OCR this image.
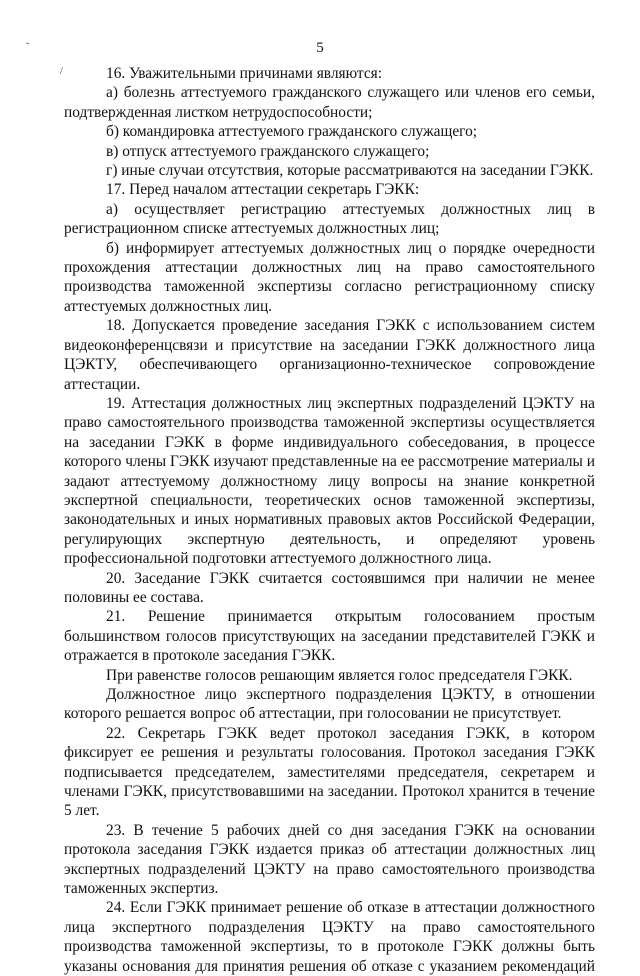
˘
/
5

16. Уважительными причинами являются:

а) болезнь аттестуемого гражданского служащего или членов его семьи, подтвержденная листком нетрудоспособности;

б) командировка аттестуемого гражданского служащего;

в) отпуск аттестуемого гражданского служащего;

г) иные случаи отсутствия, которые рассматриваются на заседании ГЭКК.

17. Перед началом аттестации секретарь ГЭКК:

а) осуществляет регистрацию аттестуемых должностных лиц в регистрационном списке аттестуемых должностных лиц;

б) информирует аттестуемых должностных лиц о порядке очередности прохождения аттестации должностных лиц на право самостоятельного производства таможенной экспертизы согласно регистрационному списку аттестуемых должностных лиц.

18. Допускается проведение заседания ГЭКК с использованием систем видеоконференцсвязи и присутствие на заседании ГЭКК должностного лица ЦЭКТУ, обеспечивающего организационно-техническое сопровождение аттестации.

19. Аттестация должностных лиц экспертных подразделений ЦЭКТУ на право самостоятельного производства таможенной экспертизы осуществляется на заседании ГЭКК в форме индивидуального собеседования, в процессе которого члены ГЭКК изучают представленные на ее рассмотрение материалы и задают аттестуемому должностному лицу вопросы на знание конкретной экспертной специальности, теоретических основ таможенной экспертизы, законодательных и иных нормативных правовых актов Российской Федерации, регулирующих экспертную деятельность, и определяют уровень профессиональной подготовки аттестуемого должностного лица.

20. Заседание ГЭКК считается состоявшимся при наличии не менее половины ее состава.

21. Решение принимается открытым голосованием простым большинством голосов присутствующих на заседании представителей ГЭКК и отражается в протоколе заседания ГЭКК.

При равенстве голосов решающим является голос председателя ГЭКК.

Должностное лицо экспертного подразделения ЦЭКТУ, в отношении которого решается вопрос об аттестации, при голосовании не присутствует.

22. Секретарь ГЭКК ведет протокол заседания ГЭКК, в котором фиксирует ее решения и результаты голосования. Протокол заседания ГЭКК подписывается председателем, заместителями председателя, секретарем и членами ГЭКК, присутствовавшими на заседании. Протокол хранится в течение 5 лет.

23. В течение 5 рабочих дней со дня заседания ГЭКК на основании протокола заседания ГЭКК издается приказ об аттестации должностных лиц экспертных подразделений ЦЭКТУ на право самостоятельного производства таможенных экспертиз.

24. Если ГЭКК принимает решение об отказе в аттестации должностного лица экспертного подразделения ЦЭКТУ на право самостоятельного производства таможенной экспертизы, то в протоколе ГЭКК должны быть указаны основания для принятия решения об отказе с указанием рекомендаций
